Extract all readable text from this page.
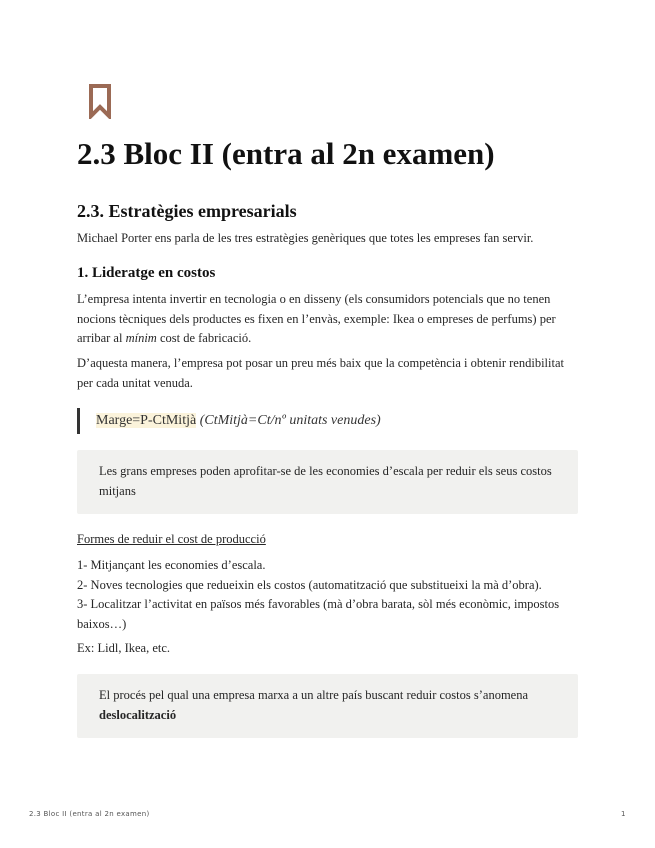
2.3 Bloc II (entra al 2n examen)
2.3. Estratègies empresarials

Michael Porter ens parla de les tres estratègies genèriques que totes les empreses fan servir.

1. Lideratge en costos

L’empresa intenta invertir en tecnologia o en disseny (els consumidors potencials que no tenen nocions tècniques dels productes es fixen en l’envàs, exemple: Ikea o empreses de perfums) per arribar al mínim cost de fabricació.

D’aquesta manera, l’empresa pot posar un preu més baix que la competència i obtenir rendibilitat per cada unitat venuda.

Marge=P-CtMitjà (CtMitjà=Ct/nº unitats venudes)

Les grans empreses poden aprofitar-se de les economies d’escala per reduir els seus costos mitjans

Formes de reduir el cost de producció

1- Mitjançant les economies d’escala.

2- Noves tecnologies que redueixin els costos (automatització que substitueixi la mà d’obra).

3- Localitzar l’activitat en països més favorables (mà d’obra barata, sòl més econòmic, impostos baixos…)

Ex: Lidl, Ikea, etc.

El procés pel qual una empresa marxa a un altre país buscant reduir costos s’anomena deslocalització

2.3 Bloc II (entra al 2n examen)	1
